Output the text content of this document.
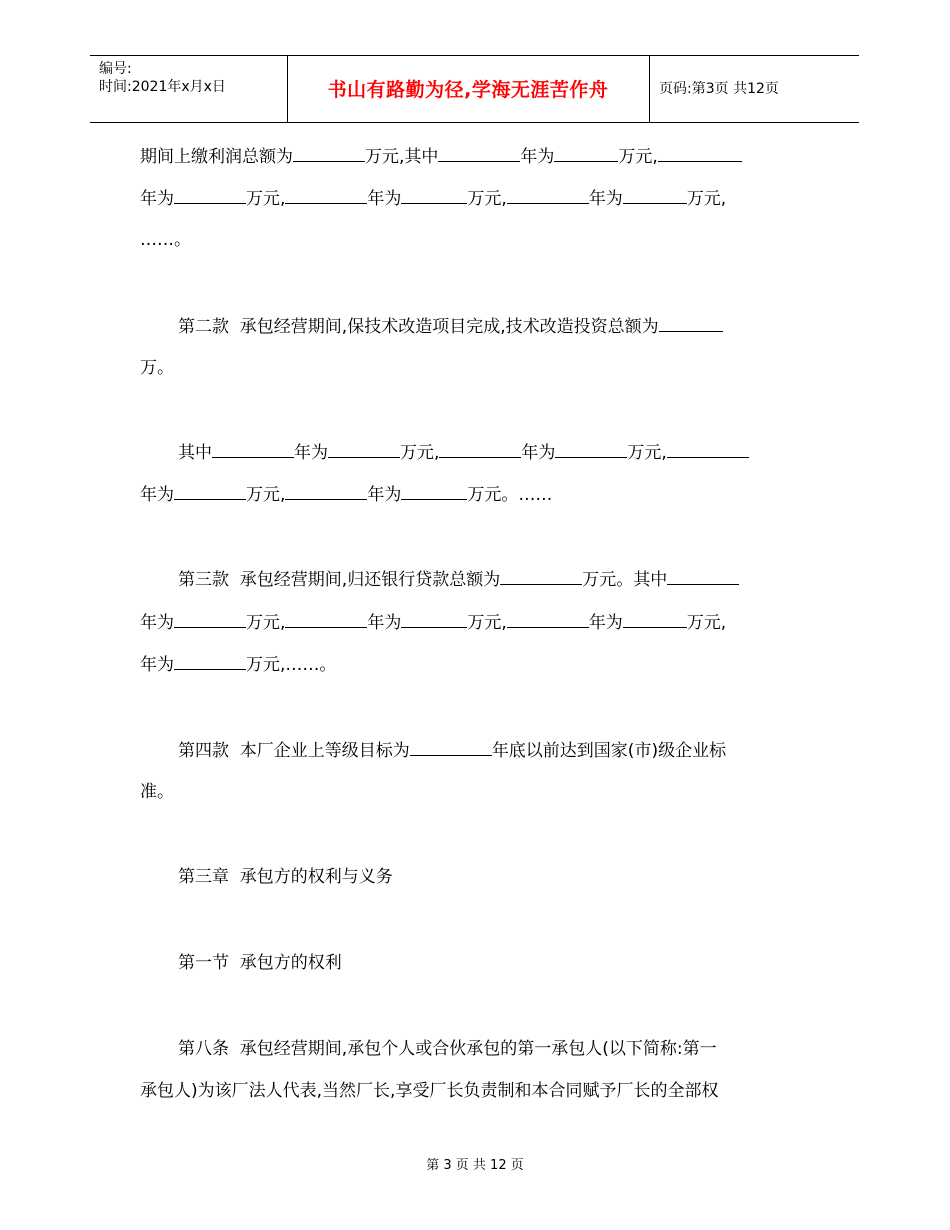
编号:
时间:2021年x月x日	书山有路勤为径,学海无涯苦作舟	页码:第3页 共12页
期间上缴利润总额为	万元,其中	年为	万元,
年为	万元,	年为	万元,	年为	万元,
……。
第二款  承包经营期间,保技术改造项目完成,技术改造投资总额为
万。
其中	年为	万元,	年为	万元,
年为	万元,	年为	万元。……
第三款  承包经营期间,归还银行贷款总额为	万元。其中
年为	万元,	年为	万元,	年为	万元,
年为	万元,……。
第四款  本厂企业上等级目标为	年底以前达到国家(市)级企业标
准。
第三章  承包方的权利与义务
第一节  承包方的权利
第八条  承包经营期间,承包个人或合伙承包的第一承包人(以下简称:第一
承包人)为该厂法人代表,当然厂长,享受厂长负责制和本合同赋予厂长的全部权
第 3 页 共 12 页
